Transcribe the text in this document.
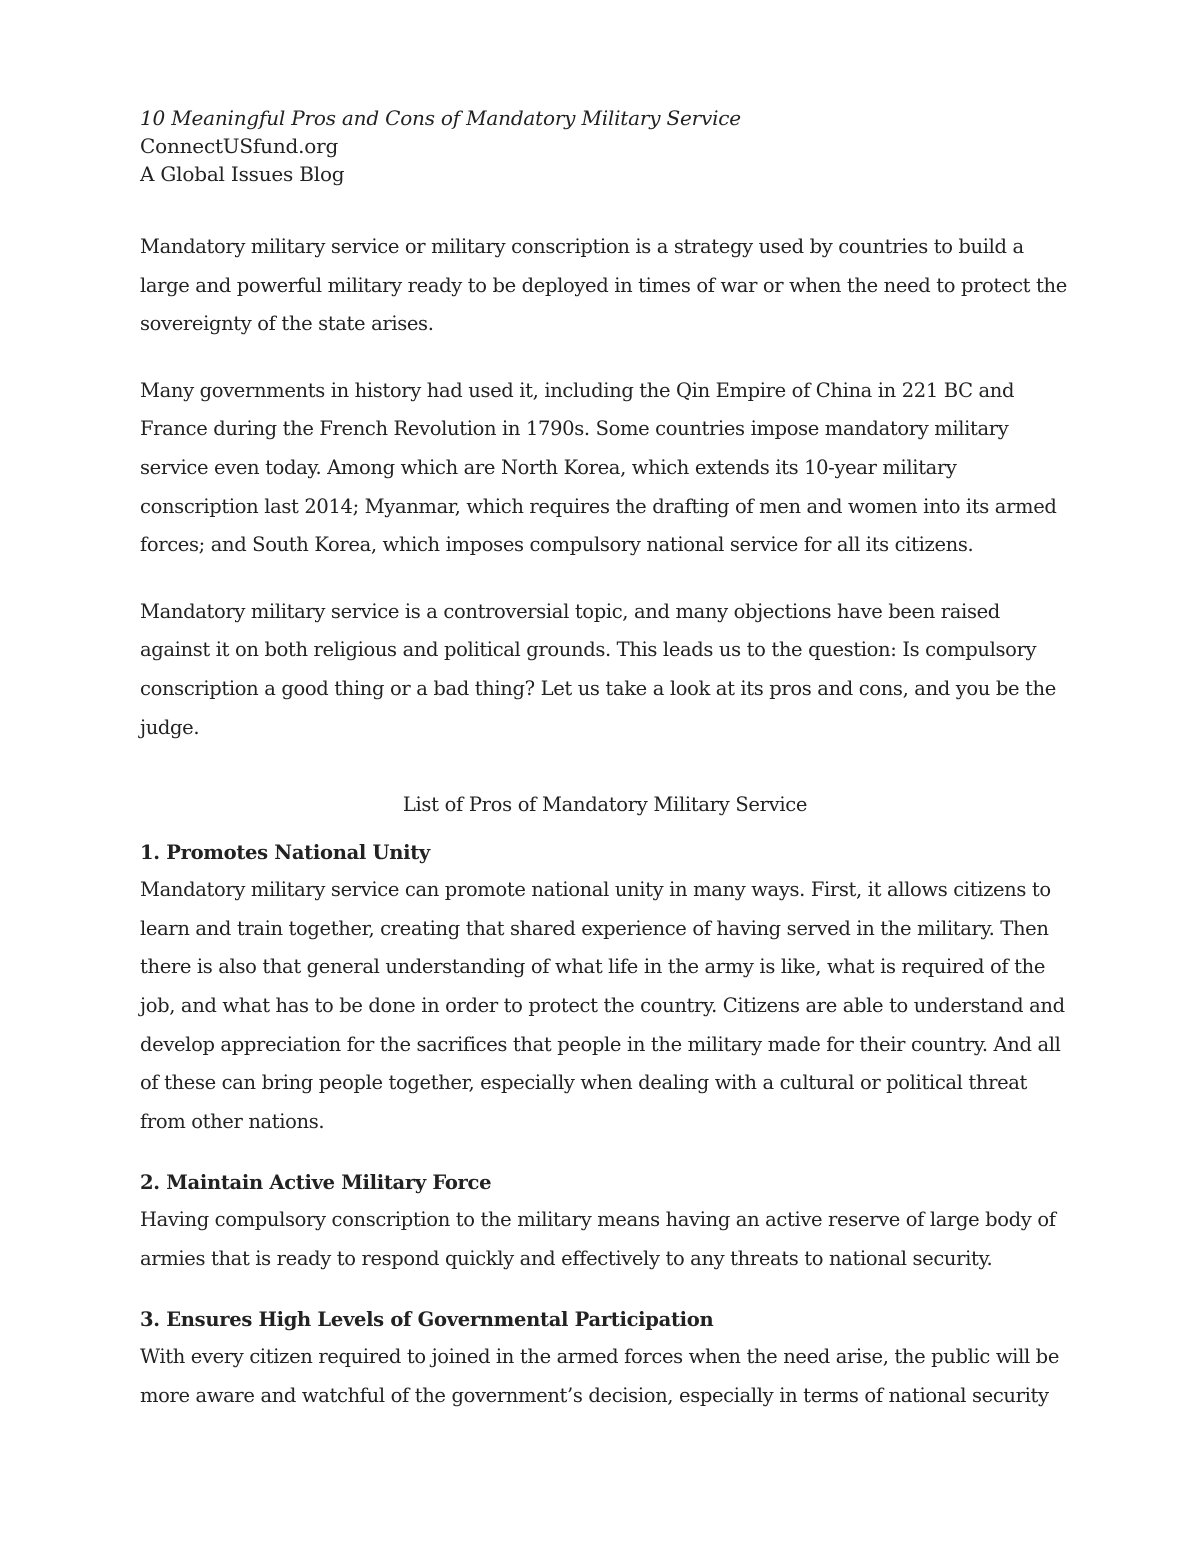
10 Meaningful Pros and Cons of Mandatory Military Service

ConnectUSfund.org

A Global Issues Blog

Mandatory military service or military conscription is a strategy used by countries to build a large and powerful military ready to be deployed in times of war or when the need to protect the sovereignty of the state arises.

Many governments in history had used it, including the Qin Empire of China in 221 BC and France during the French Revolution in 1790s. Some countries impose mandatory military service even today. Among which are North Korea, which extends its 10-year military conscription last 2014; Myanmar, which requires the drafting of men and women into its armed forces; and South Korea, which imposes compulsory national service for all its citizens.

Mandatory military service is a controversial topic, and many objections have been raised against it on both religious and political grounds. This leads us to the question: Is compulsory conscription a good thing or a bad thing? Let us take a look at its pros and cons, and you be the judge.

List of Pros of Mandatory Military Service

1. Promotes National Unity

Mandatory military service can promote national unity in many ways. First, it allows citizens to learn and train together, creating that shared experience of having served in the military. Then there is also that general understanding of what life in the army is like, what is required of the job, and what has to be done in order to protect the country. Citizens are able to understand and develop appreciation for the sacrifices that people in the military made for their country. And all of these can bring people together, especially when dealing with a cultural or political threat from other nations.

2. Maintain Active Military Force

Having compulsory conscription to the military means having an active reserve of large body of armies that is ready to respond quickly and effectively to any threats to national security.

3. Ensures High Levels of Governmental Participation

With every citizen required to joined in the armed forces when the need arise, the public will be more aware and watchful of the government’s decision, especially in terms of national security
